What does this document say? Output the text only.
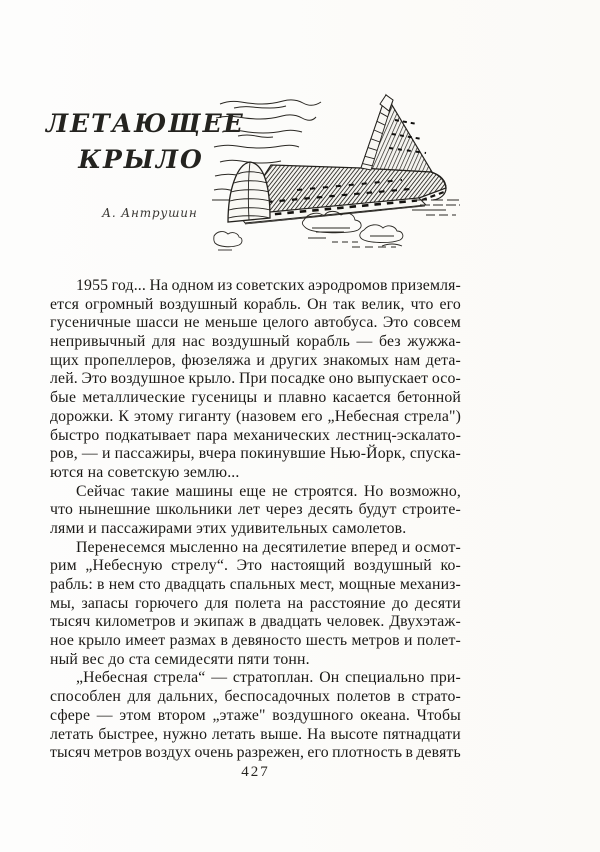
ЛЕТАЮЩЕЕ
КРЫЛО
А. Антрушин
1955 год... На одном из советских аэродромов приземля-
ется огромный воздушный корабль. Он так велик, что его
гусеничные шасси не меньше целого автобуса. Это совсем
непривычный для нас воздушный корабль — без жужжа-
щих пропеллеров, фюзеляжа и других знакомых нам дета-
лей. Это воздушное крыло. При посадке оно выпускает осо-
бые металлические гусеницы и плавно касается бетонной
дорожки. К этому гиганту (назовем его „Небесная стрела")
быстро подкатывает пара механических лестниц-эскалато-
ров, — и пассажиры, вчера покинувшие Нью-Йорк, спуска-
ются на советскую землю...
Сейчас такие машины еще не строятся. Но возможно,
что нынешние школьники лет через десять будут строите-
лями и пассажирами этих удивительных самолетов.
Перенесемся мысленно на десятилетие вперед и осмот-
рим „Небесную стрелу“. Это настоящий воздушный ко-
рабль: в нем сто двадцать спальных мест, мощные механиз-
мы, запасы горючего для полета на расстояние до десяти
тысяч километров и экипаж в двадцать человек. Двухэтаж-
ное крыло имеет размах в девяносто шесть метров и полет-
ный вес до ста семидесяти пяти тонн.
„Небесная стрела“ — стратоплан. Он специально при-
способлен для дальних, беспосадочных полетов в страто-
сфере — этом втором „этаже" воздушного океана. Чтобы
летать быстрее, нужно летать выше. На высоте пятнадцати
тысяч метров воздух очень разрежен, его плотность в девять
427
